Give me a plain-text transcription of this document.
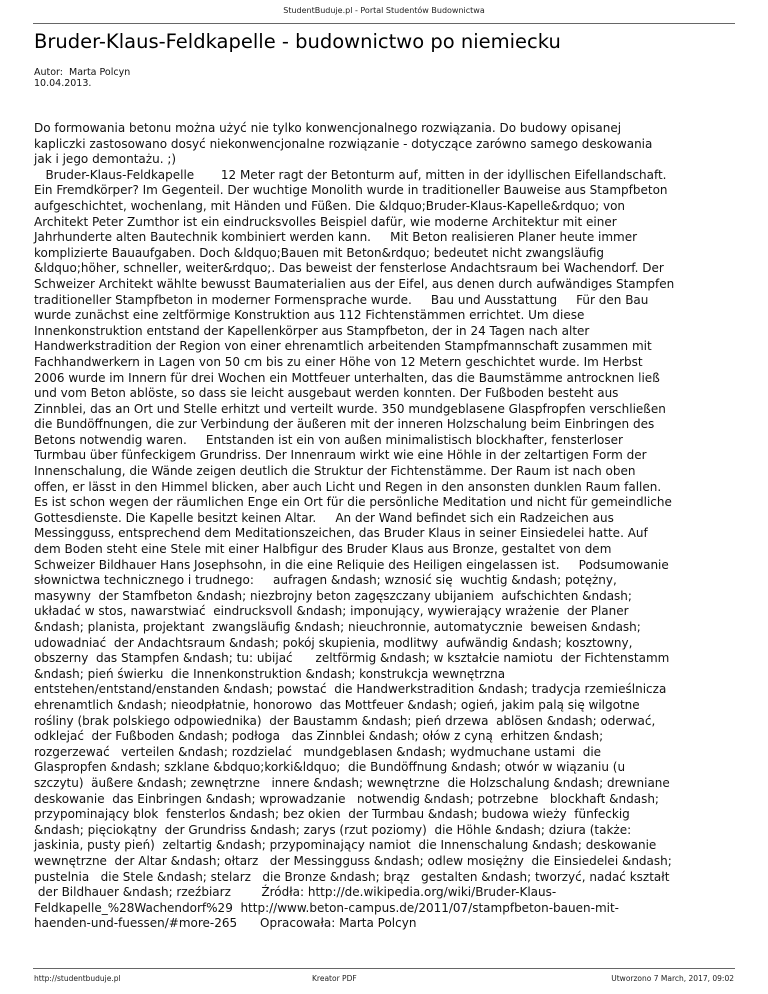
StudentBuduje.pl - Portal Studentów Budownictwa
Bruder-Klaus-Feldkapelle - budownictwo po niemiecku
Autor:  Marta Polcyn
10.04.2013.
Do formowania betonu można użyć nie tylko konwencjonalnego rozwiązania. Do budowy opisanej
kapliczki zastosowano dosyć niekonwencjonalne rozwiązanie - dotyczące zarówno samego deskowania
jak i jego demontażu. ;)
Bruder-Klaus-Feldkapelle       12 Meter ragt der Betonturm auf, mitten in der idyllischen Eifellandschaft.
Ein Fremdkörper? Im Gegenteil. Der wuchtige Monolith wurde in traditioneller Bauweise aus Stampfbeton
aufgeschichtet, wochenlang, mit Händen und Füßen. Die &ldquo;Bruder-Klaus-Kapelle&rdquo; von
Architekt Peter Zumthor ist ein eindrucksvolles Beispiel dafür, wie moderne Architektur mit einer
Jahrhunderte alten Bautechnik kombiniert werden kann.     Mit Beton realisieren Planer heute immer
komplizierte Bauaufgaben. Doch &ldquo;Bauen mit Beton&rdquo; bedeutet nicht zwangsläufig
&ldquo;höher, schneller, weiter&rdquo;. Das beweist der fensterlose Andachtsraum bei Wachendorf. Der
Schweizer Architekt wählte bewusst Baumaterialien aus der Eifel, aus denen durch aufwändiges Stampfen
traditioneller Stampfbeton in moderner Formensprache wurde.     Bau und Ausstattung     Für den Bau
wurde zunächst eine zeltförmige Konstruktion aus 112 Fichtenstämmen errichtet. Um diese
Innenkonstruktion entstand der Kapellenkörper aus Stampfbeton, der in 24 Tagen nach alter
Handwerkstradition der Region von einer ehrenamtlich arbeitenden Stampfmannschaft zusammen mit
Fachhandwerkern in Lagen von 50 cm bis zu einer Höhe von 12 Metern geschichtet wurde. Im Herbst
2006 wurde im Innern für drei Wochen ein Mottfeuer unterhalten, das die Baumstämme antrocknen ließ
und vom Beton ablöste, so dass sie leicht ausgebaut werden konnten. Der Fußboden besteht aus
Zinnblei, das an Ort und Stelle erhitzt und verteilt wurde. 350 mundgeblasene Glaspfropfen verschließen
die Bundöffnungen, die zur Verbindung der äußeren mit der inneren Holzschalung beim Einbringen des
Betons notwendig waren.     Entstanden ist ein von außen minimalistisch blockhafter, fensterloser
Turmbau über fünfeckigem Grundriss. Der Innenraum wirkt wie eine Höhle in der zeltartigen Form der
Innenschalung, die Wände zeigen deutlich die Struktur der Fichtenstämme. Der Raum ist nach oben
offen, er lässt in den Himmel blicken, aber auch Licht und Regen in den ansonsten dunklen Raum fallen.
Es ist schon wegen der räumlichen Enge ein Ort für die persönliche Meditation und nicht für gemeindliche
Gottesdienste. Die Kapelle besitzt keinen Altar.     An der Wand befindet sich ein Radzeichen aus
Messingguss, entsprechend dem Meditationszeichen, das Bruder Klaus in seiner Einsiedelei hatte. Auf
dem Boden steht eine Stele mit einer Halbfigur des Bruder Klaus aus Bronze, gestaltet von dem
Schweizer Bildhauer Hans Josephsohn, in die eine Reliquie des Heiligen eingelassen ist.     Podsumowanie
słownictwa technicznego i trudnego:     aufragen &ndash; wznosić się  wuchtig &ndash; potężny,
masywny  der Stamfbeton &ndash; niezbrojny beton zagęszczany ubijaniem  aufschichten &ndash;
układać w stos, nawarstwiać  eindrucksvoll &ndash; imponujący, wywierający wrażenie  der Planer
&ndash; planista, projektant  zwangsläufig &ndash; nieuchronnie, automatycznie  beweisen &ndash;
udowadniać  der Andachtsraum &ndash; pokój skupienia, modlitwy  aufwändig &ndash; kosztowny,
obszerny  das Stampfen &ndash; tu: ubijać      zeltförmig &ndash; w kształcie namiotu  der Fichtenstamm
&ndash; pień świerku  die Innenkonstruktion &ndash; konstrukcja wewnętrzna
entstehen/entstand/enstanden &ndash; powstać  die Handwerkstradition &ndash; tradycja rzemieślnicza
ehrenamtlich &ndash; nieodpłatnie, honorowo  das Mottfeuer &ndash; ogień, jakim palą się wilgotne
rośliny (brak polskiego odpowiednika)  der Baustamm &ndash; pień drzewa  ablösen &ndash; oderwać,
odklejać  der Fußboden &ndash; podłoga   das Zinnblei &ndash; ołów z cyną  erhitzen &ndash;
rozgerzewać   verteilen &ndash; rozdzielać   mundgeblasen &ndash; wydmuchane ustami  die
Glaspropfen &ndash; szklane &bdquo;korki&ldquo;  die Bundöffnung &ndash; otwór w wiązaniu (u
szczytu)  äußere &ndash; zewnętrzne   innere &ndash; wewnętrzne  die Holzschalung &ndash; drewniane
deskowanie  das Einbringen &ndash; wprowadzanie   notwendig &ndash; potrzebne   blockhaft &ndash;
przypominający blok  fensterlos &ndash; bez okien  der Turmbau &ndash; budowa wieży  fünfeckig
&ndash; pięciokątny  der Grundriss &ndash; zarys (rzut poziomy)  die Höhle &ndash; dziura (także:
jaskinia, pusty pień)  zeltartig &ndash; przypominający namiot  die Innenschalung &ndash; deskowanie
wewnętrzne  der Altar &ndash; ołtarz   der Messingguss &ndash; odlew mosiężny  die Einsiedelei &ndash;
pustelnia   die Stele &ndash; stelarz   die Bronze &ndash; brąz   gestalten &ndash; tworzyć, nadać kształt
der Bildhauer &ndash; rzeźbiarz        Źródła: http://de.wikipedia.org/wiki/Bruder-Klaus-
Feldkapelle_%28Wachendorf%29  http://www.beton-campus.de/2011/07/stampfbeton-bauen-mit-
haenden-und-fuessen/#more-265      Opracowała: Marta Polcyn
http://studentbuduje.pl	Kreator PDF	Utworzono 7 March, 2017, 09:02
